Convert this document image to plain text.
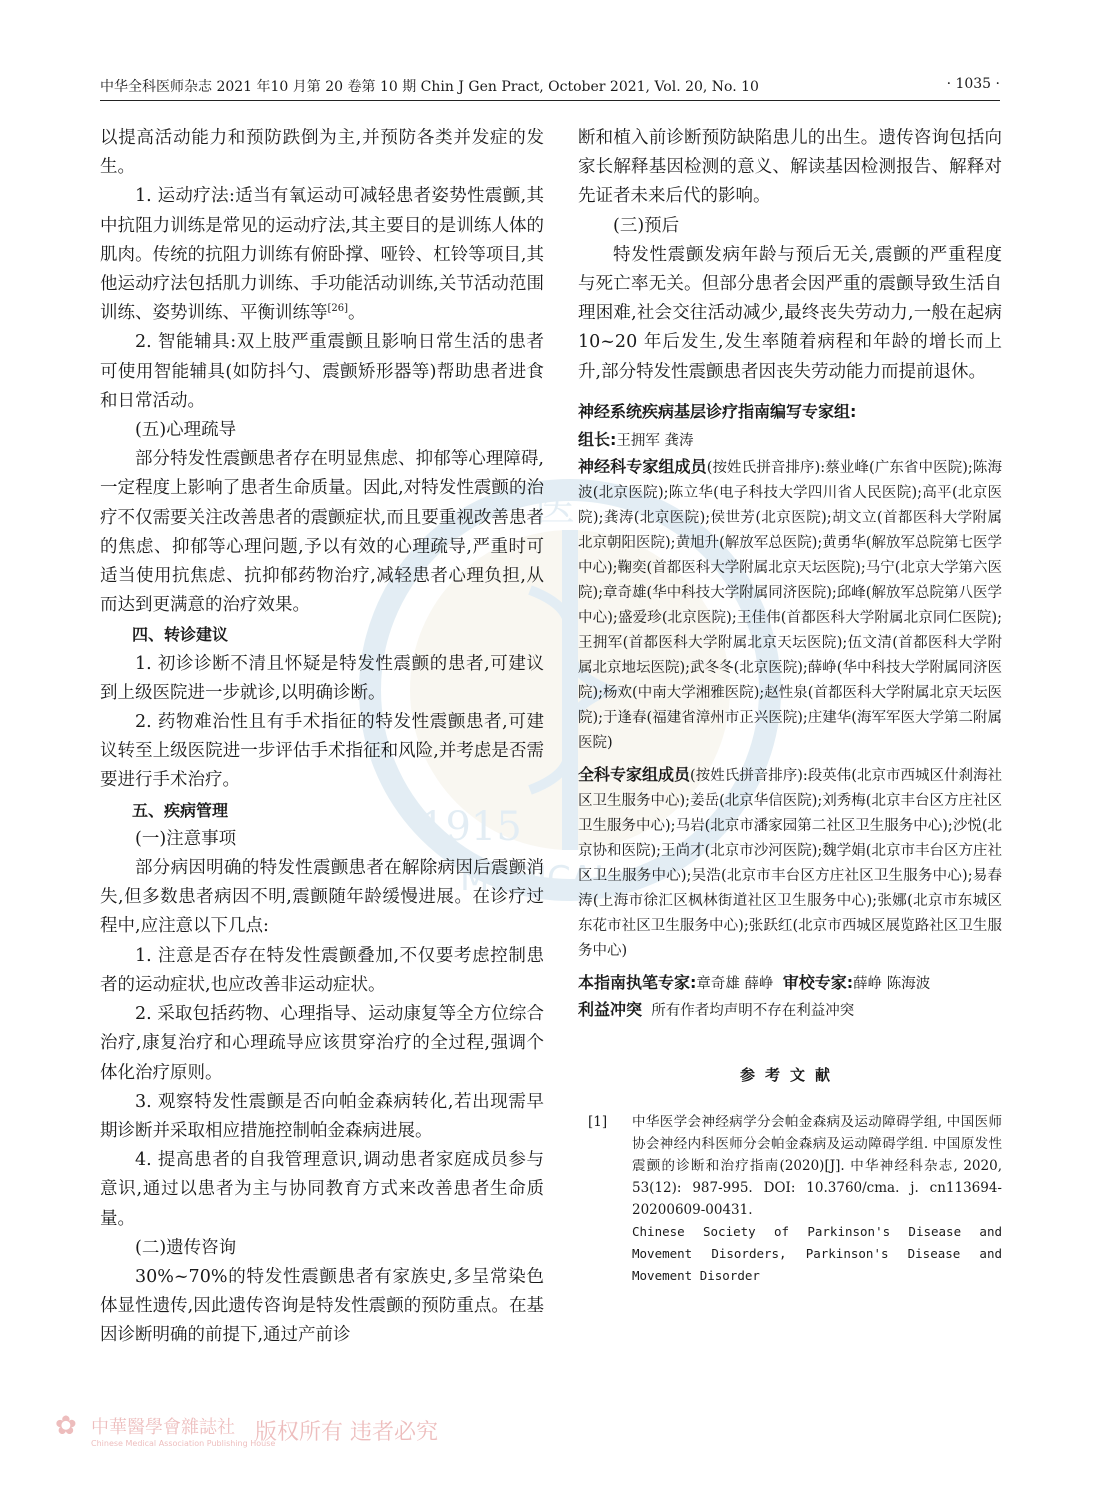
中华全科医师杂志 2021 年10 月第 20 卷第 10 期 Chin J Gen Pract, October 2021, Vol. 20, No. 10	· 1035 ·
1915
MEDICAL
医

以提高活动能力和预防跌倒为主,并预防各类并发症的发生。

1. 运动疗法:适当有氧运动可减轻患者姿势性震颤,其中抗阻力训练是常见的运动疗法,其主要目的是训练人体的肌肉。传统的抗阻力训练有俯卧撑、哑铃、杠铃等项目,其他运动疗法包括肌力训练、手功能活动训练,关节活动范围训练、姿势训练、平衡训练等[26]。

2. 智能辅具:双上肢严重震颤且影响日常生活的患者可使用智能辅具(如防抖勺、震颤矫形器等)帮助患者进食和日常活动。

(五)心理疏导

部分特发性震颤患者存在明显焦虑、抑郁等心理障碍,一定程度上影响了患者生命质量。因此,对特发性震颤的治疗不仅需要关注改善患者的震颤症状,而且要重视改善患者的焦虑、抑郁等心理问题,予以有效的心理疏导,严重时可适当使用抗焦虑、抗抑郁药物治疗,减轻患者心理负担,从而达到更满意的治疗效果。

四、转诊建议

1. 初诊诊断不清且怀疑是特发性震颤的患者,可建议到上级医院进一步就诊,以明确诊断。

2. 药物难治性且有手术指征的特发性震颤患者,可建议转至上级医院进一步评估手术指征和风险,并考虑是否需要进行手术治疗。

五、疾病管理

(一)注意事项

部分病因明确的特发性震颤患者在解除病因后震颤消失,但多数患者病因不明,震颤随年龄缓慢进展。在诊疗过程中,应注意以下几点:

1. 注意是否存在特发性震颤叠加,不仅要考虑控制患者的运动症状,也应改善非运动症状。

2. 采取包括药物、心理指导、运动康复等全方位综合治疗,康复治疗和心理疏导应该贯穿治疗的全过程,强调个体化治疗原则。

3. 观察特发性震颤是否向帕金森病转化,若出现需早期诊断并采取相应措施控制帕金森病进展。

4. 提高患者的自我管理意识,调动患者家庭成员参与意识,通过以患者为主与协同教育方式来改善患者生命质量。

(二)遗传咨询

30%~70%的特发性震颤患者有家族史,多呈常染色体显性遗传,因此遗传咨询是特发性震颤的预防重点。在基因诊断明确的前提下,通过产前诊

断和植入前诊断预防缺陷患儿的出生。遗传咨询包括向家长解释基因检测的意义、解读基因检测报告、解释对先证者未来后代的影响。

(三)预后

特发性震颤发病年龄与预后无关,震颤的严重程度与死亡率无关。但部分患者会因严重的震颤导致生活自理困难,社会交往活动减少,最终丧失劳动力,一般在起病 10~20 年后发生,发生率随着病程和年龄的增长而上升,部分特发性震颤患者因丧失劳动能力而提前退休。

神经系统疾病基层诊疗指南编写专家组:

组长:王拥军 龚涛

神经科专家组成员(按姓氏拼音排序):蔡业峰(广东省中医院);陈海波(北京医院);陈立华(电子科技大学四川省人民医院);高平(北京医院);龚涛(北京医院);侯世芳(北京医院);胡文立(首都医科大学附属北京朝阳医院);黄旭升(解放军总医院);黄勇华(解放军总院第七医学中心);鞠奕(首都医科大学附属北京天坛医院);马宁(北京大学第六医院);章奇雄(华中科技大学附属同济医院);邱峰(解放军总院第八医学中心);盛爱珍(北京医院);王佳伟(首都医科大学附属北京同仁医院);王拥军(首都医科大学附属北京天坛医院);伍文清(首都医科大学附属北京地坛医院);武冬冬(北京医院);薛峥(华中科技大学附属同济医院);杨欢(中南大学湘雅医院);赵性泉(首都医科大学附属北京天坛医院);于逢春(福建省漳州市正兴医院);庄建华(海军军医大学第二附属医院)

全科专家组成员(按姓氏拼音排序):段英伟(北京市西城区什刹海社区卫生服务中心);姜岳(北京华信医院);刘秀梅(北京丰台区方庄社区卫生服务中心);马岩(北京市潘家园第二社区卫生服务中心);沙悦(北京协和医院);王尚才(北京市沙河医院);魏学娟(北京市丰台区方庄社区卫生服务中心);吴浩(北京市丰台区方庄社区卫生服务中心);易春涛(上海市徐汇区枫林街道社区卫生服务中心);张娜(北京市东城区东花市社区卫生服务中心);张跃红(北京市西城区展览路社区卫生服务中心)

本指南执笔专家:章奇雄 薛峥 审校专家:薛峥 陈海波

利益冲突 所有作者均声明不存在利益冲突

参考文献
[1] 中华医学会神经病学分会帕金森病及运动障碍学组, 中国医师协会神经内科医师分会帕金森病及运动障碍学组. 中国原发性震颤的诊断和治疗指南(2020)[J]. 中华神经科杂志, 2020, 53(12): 987-995. DOI: 10.3760/cma. j. cn113694-20200609-00431.
Chinese Society of Parkinson's Disease and Movement Disorders, Parkinson's Disease and Movement Disorder
✿ 中華醫學會雜誌社
Chinese Medical Association Publishing House
版权所有 违者必究
